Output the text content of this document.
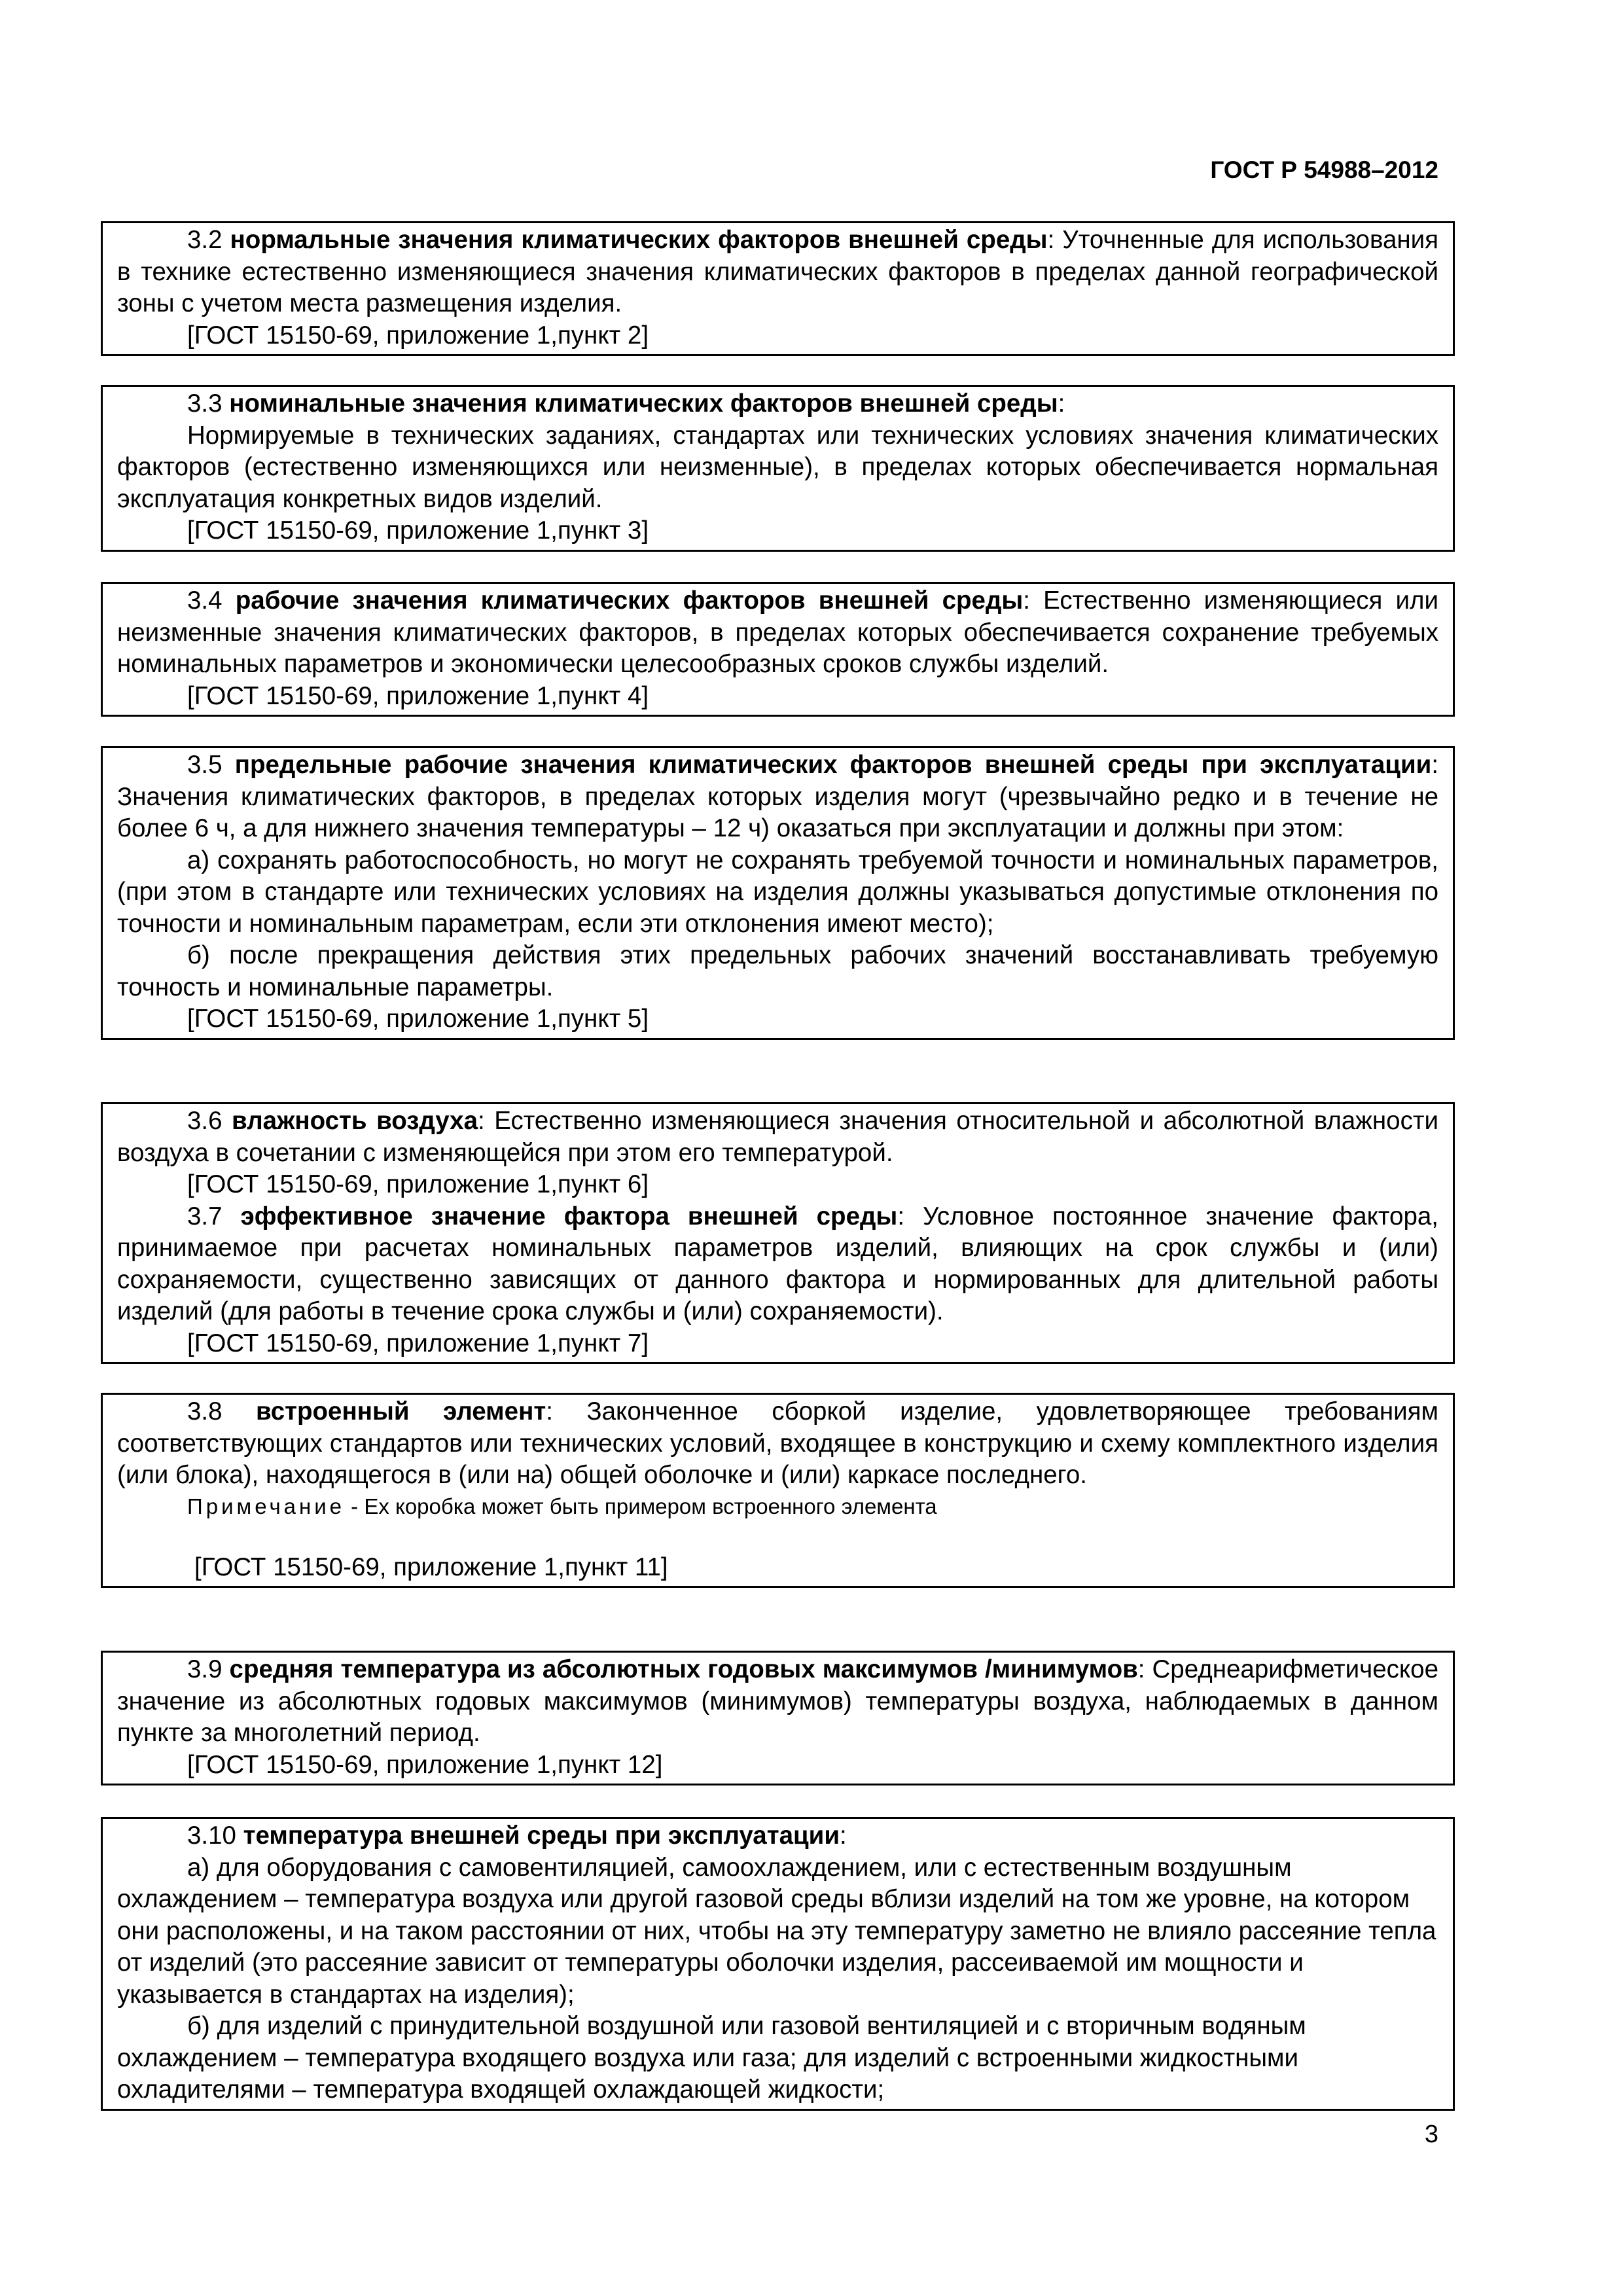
ГОСТ Р 54988–2012

3.2 нормальные значения климатических факторов внешней среды: Уточненные для использования в технике естественно изменяющиеся значения климатических факторов в пределах данной географической зоны с учетом места размещения изделия.

[ГОСТ 15150-69, приложение 1,пункт 2]

3.3 номинальные значения климатических факторов внешней среды:

Нормируемые в технических заданиях, стандартах или технических условиях значения климатических факторов (естественно изменяющихся или неизменные), в пределах которых обеспечивается нормальная эксплуатация конкретных видов изделий.

[ГОСТ 15150-69, приложение 1,пункт 3]

3.4 рабочие значения климатических факторов внешней среды: Естественно изменяющиеся или неизменные значения климатических факторов, в пределах которых обеспечивается сохранение требуемых номинальных параметров и экономически целесообразных сроков службы изделий.

[ГОСТ 15150-69, приложение 1,пункт 4]

3.5 предельные рабочие значения климатических факторов внешней среды при эксплуатации: Значения климатических факторов, в пределах которых изделия могут (чрезвычайно редко и в течение не более 6 ч, а для нижнего значения температуры – 12 ч) оказаться при эксплуатации и должны при этом:

а) сохранять работоспособность, но могут не сохранять требуемой точности и номинальных параметров, (при этом в стандарте или технических условиях на изделия должны указываться допустимые отклонения по точности и номинальным параметрам, если эти отклонения имеют место);

б) после прекращения действия этих предельных рабочих значений восстанавливать требуемую точность и номинальные параметры.

[ГОСТ 15150-69, приложение 1,пункт 5]

3.6 влажность воздуха: Естественно изменяющиеся значения относительной и абсолютной влажности воздуха в сочетании с изменяющейся при этом его температурой.

[ГОСТ 15150-69, приложение 1,пункт 6]

3.7 эффективное значение фактора внешней среды: Условное постоянное значение фактора, принимаемое при расчетах номинальных параметров изделий, влияющих на срок службы и (или) сохраняемости, существенно зависящих от данного фактора и нормированных для длительной работы изделий (для работы в течение срока службы и (или) сохраняемости).

[ГОСТ 15150-69, приложение 1,пункт 7]

3.8 встроенный элемент: Законченное сборкой изделие, удовлетворяющее требованиям соответствующих стандартов или технических условий, входящее в конструкцию и схему комплектного изделия (или блока), находящегося в (или на) общей оболочке и (или) каркасе последнего.

Примечание - Ex коробка может быть примером встроенного элемента

[ГОСТ 15150-69, приложение 1,пункт 11]

3.9 средняя температура из абсолютных годовых максимумов /минимумов: Среднеарифметическое значение из абсолютных годовых максимумов (минимумов) температуры воздуха, наблюдаемых в данном пункте за многолетний период.

[ГОСТ 15150-69, приложение 1,пункт 12]

3.10 температура внешней среды при эксплуатации:

а) для оборудования с самовентиляцией, самоохлаждением, или с естественным воздушным охлаждением – температура воздуха или другой газовой среды вблизи изделий на том же уровне, на котором они расположены, и на таком расстоянии от них, чтобы на эту температуру заметно не влияло рассеяние тепла от изделий (это рассеяние зависит от температуры оболочки изделия, рассеиваемой им мощности и указывается в стандартах на изделия);

б) для изделий с принудительной воздушной или газовой вентиляцией и с вторичным водяным охлаждением – температура входящего воздуха или газа; для изделий с встроенными жидкостными охладителями – температура входящей охлаждающей жидкости;

3
